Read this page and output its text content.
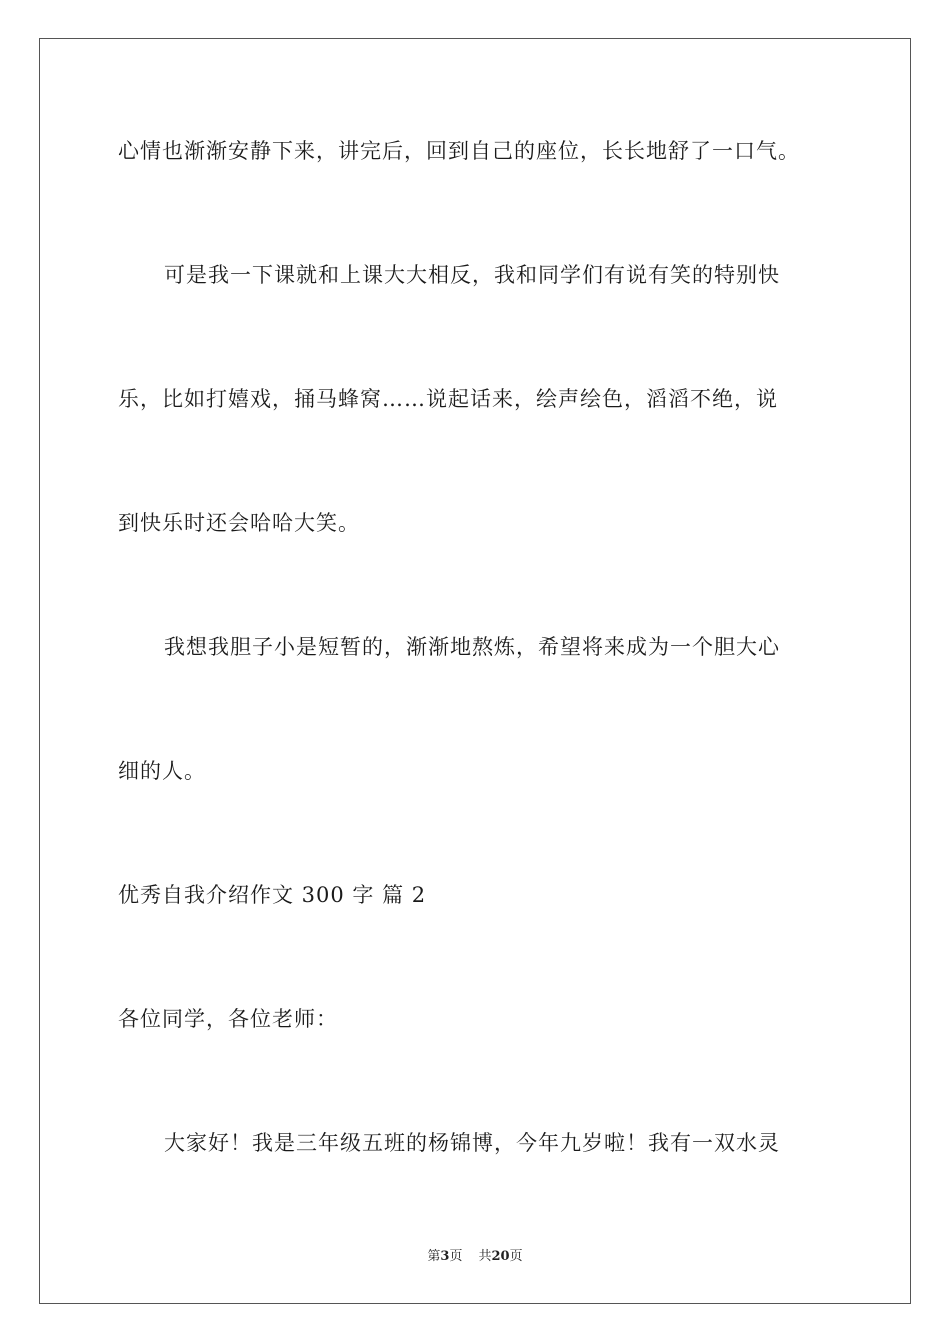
心情也渐渐安静下来，讲完后，回到自己的座位，长长地舒了一口气。
可是我一下课就和上课大大相反，我和同学们有说有笑的特别快
乐，比如打嬉戏，捅马蜂窝……说起话来，绘声绘色，滔滔不绝，说
到快乐时还会哈哈大笑。
我想我胆子小是短暂的，渐渐地熬炼，希望将来成为一个胆大心
细的人。
优秀自我介绍作文 300 字 篇 2
各位同学，各位老师：
大家好！我是三年级五班的杨锦博，今年九岁啦！我有一双水灵
第3页 共20页
